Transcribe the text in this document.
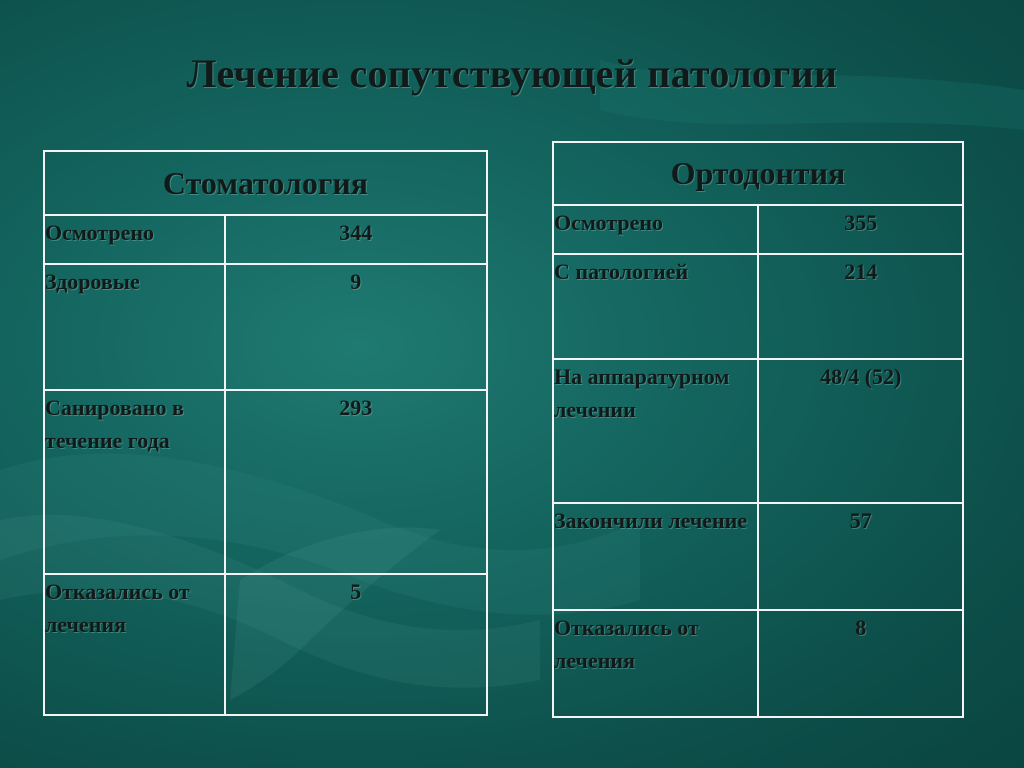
Лечение сопутствующей патологии
Стоматология	
Осмотрено	344
Здоровые	9
Санировано в течение года	293
Отказались от лечения	5
Ортодонтия	
Осмотрено	355
С патологией	214
На аппаратурном лечении	48/4 (52)
Закончили лечение	57
Отказались от лечения	8
